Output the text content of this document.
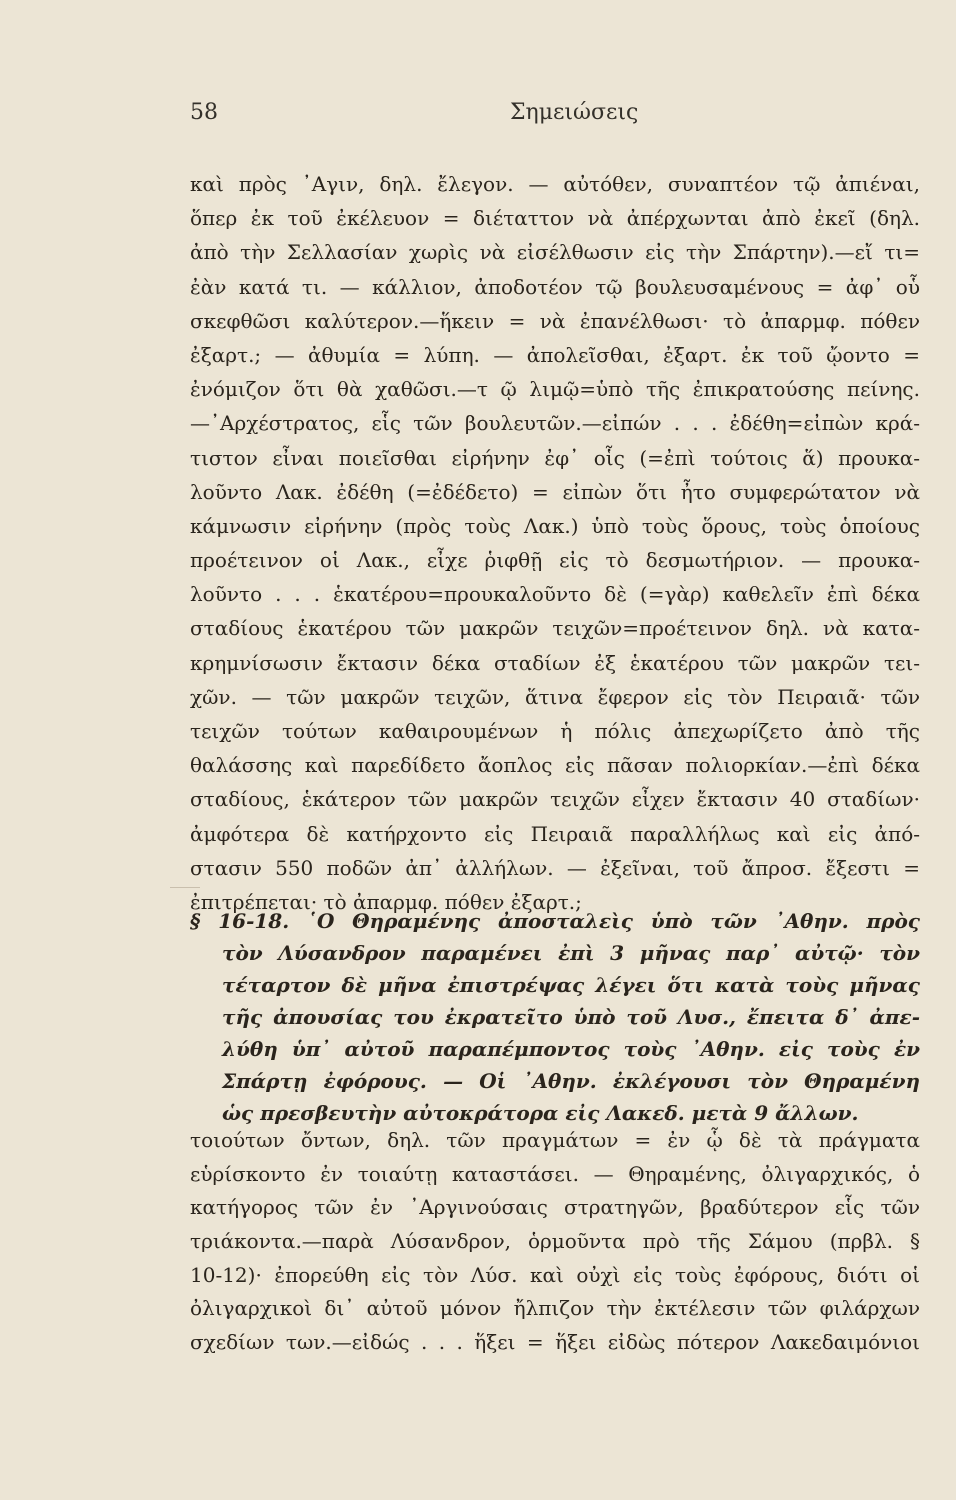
58	Σημειώσεις
καὶ πρὸς ᾿Αγιν, δηλ. ἔλεγον. — αὐτόθεν, συναπτέον τῷ ἀπιέναι,
ὅπερ ἐκ τοῦ ἐκέλευον = διέταττον νὰ ἀπέρχωνται ἀπὸ ἐκεῖ (δηλ.
ἀπὸ τὴν Σελλασίαν χωρὶς νὰ εἰσέλθωσιν εἰς τὴν Σπάρτην).—εἴ τι=
ἐὰν κατά τι. — κάλλιον, ἀποδοτέον τῷ βουλευσαμένους = ἀφ᾿ οὗ
σκεφθῶσι καλύτερον.—ἥκειν = νὰ ἐπανέλθωσι· τὸ ἀπαρμφ. πόθεν
ἐξαρτ.; — ἀθυμία = λύπη. — ἀπολεῖσθαι, ἐξαρτ. ἐκ τοῦ ᾤοντο =
ἐνόμιζον ὅτι θὰ χαθῶσι.—τ ῷ λιμῷ=ὑπὸ τῆς ἐπικρατούσης πείνης.
—᾿Αρχέστρατος, εἷς τῶν βουλευτῶν.—εἰπών . . . ἐδέθη=εἰπὼν κρά-
τιστον εἶναι ποιεῖσθαι εἰρήνην ἐφ᾿ οἷς (=ἐπὶ τούτοις ἅ) προυκα-
λοῦντο Λακ. ἐδέθη (=ἐδέδετο) = εἰπὼν ὅτι ἦτο συμφερώτατον νὰ
κάμνωσιν εἰρήνην (πρὸς τοὺς Λακ.) ὑπὸ τοὺς ὅρους, τοὺς ὁποίους
προέτεινον οἱ Λακ., εἶχε ῥιφθῇ εἰς τὸ δεσμωτήριον. — προυκα-
λοῦντο . . . ἑκατέρου=προυκαλοῦντο δὲ (=γὰρ) καθελεῖν ἐπὶ δέκα
σταδίους ἑκατέρου τῶν μακρῶν τειχῶν=προέτεινον δηλ. νὰ κατα-
κρημνίσωσιν ἔκτασιν δέκα σταδίων ἐξ ἑκατέρου τῶν μακρῶν τει-
χῶν. — τῶν μακρῶν τειχῶν, ἅτινα ἔφερον εἰς τὸν Πειραιᾶ· τῶν
τειχῶν τούτων καθαιρουμένων ἡ πόλις ἀπεχωρίζετο ἀπὸ τῆς
θαλάσσης καὶ παρεδίδετο ἄοπλος εἰς πᾶσαν πολιορκίαν.—ἐπὶ δέκα
σταδίους, ἑκάτερον τῶν μακρῶν τειχῶν εἶχεν ἔκτασιν 40 σταδίων·
ἀμφότερα δὲ κατήρχοντο εἰς Πειραιᾶ παραλλήλως καὶ εἰς ἀπό-
στασιν 550 ποδῶν ἀπ᾿ ἀλλήλων. — ἐξεῖναι, τοῦ ἄπροσ. ἔξεστι =
ἐπιτρέπεται· τὸ ἀπαρμφ. πόθεν ἐξαρτ.;
§ 16-18. ῾Ο Θηραμένης ἀποσταλεὶς ὑπὸ τῶν ᾿Αθην. πρὸς
τὸν Λύσανδρον παραμένει ἐπὶ 3 μῆνας παρ᾿ αὐτῷ· τὸν
τέταρτον δὲ μῆνα ἐπιστρέψας λέγει ὅτι κατὰ τοὺς μῆνας
τῆς ἀπουσίας του ἐκρατεῖτο ὑπὸ τοῦ Λυσ., ἔπειτα δ᾿ ἀπε-
λύθη ὑπ᾿ αὐτοῦ παραπέμποντος τοὺς ᾿Αθην. εἰς τοὺς ἐν
Σπάρτῃ ἐφόρους. — Οἱ ᾿Αθην. ἐκλέγουσι τὸν Θηραμένη
ὡς πρεσβευτὴν αὐτοκράτορα εἰς Λακεδ. μετὰ 9 ἄλλων.
τοιούτων ὄντων, δηλ. τῶν πραγμάτων = ἐν ᾧ δὲ τὰ πράγματα
εὑρίσκοντο ἐν τοιαύτῃ καταστάσει. — Θηραμένης, ὀλιγαρχικός, ὁ
κατήγορος τῶν ἐν ᾿Αργινούσαις στρατηγῶν, βραδύτερον εἷς τῶν
τριάκοντα.—παρὰ Λύσανδρον, ὁρμοῦντα πρὸ τῆς Σάμου (πρβλ. §
10-12)· ἐπορεύθη εἰς τὸν Λύσ. καὶ οὐχὶ εἰς τοὺς ἐφόρους, διότι οἱ
ὀλιγαρχικοὶ δι᾿ αὐτοῦ μόνον ἤλπιζον τὴν ἐκτέλεσιν τῶν φιλάρχων
σχεδίων των.—εἰδώς . . . ἥξει = ἥξει εἰδὼς πότερον Λακεδαιμόνιοι
